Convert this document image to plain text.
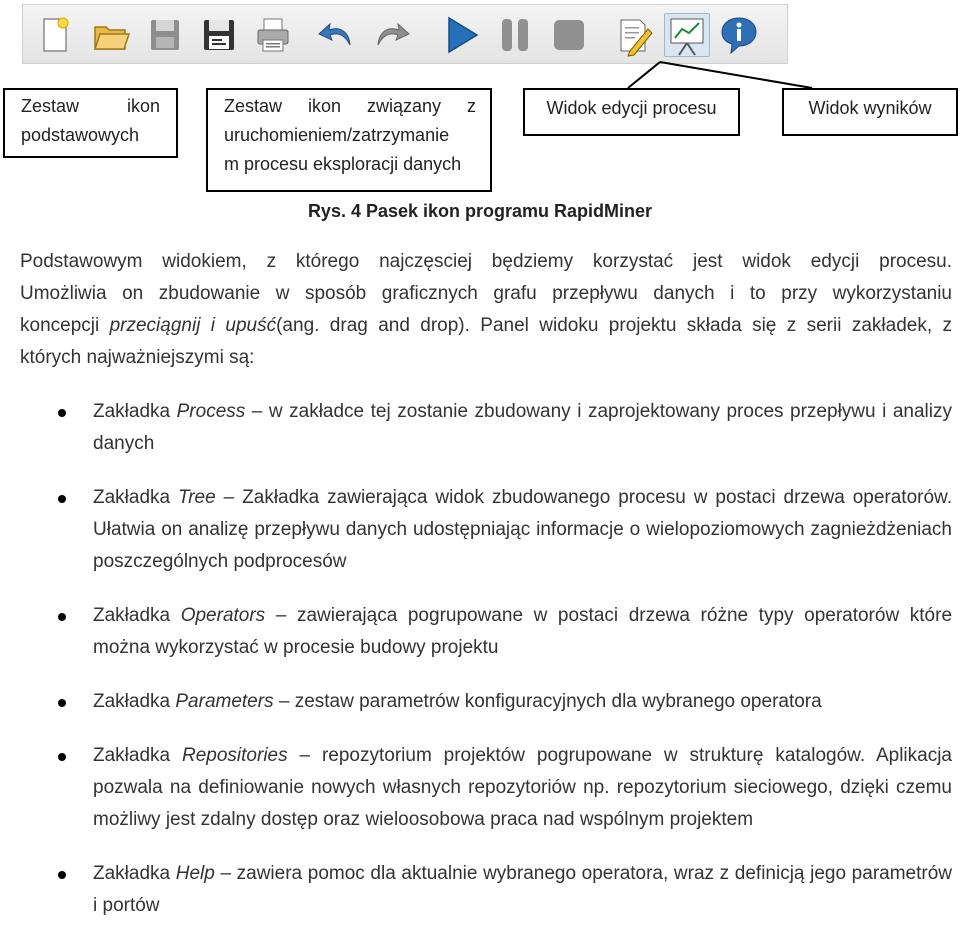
Zestaw	ikon
podstawowych
Zestaw ikon związany z
uruchomieniem/zatrzymanie
m procesu eksploracji danych
Widok edycji procesu	Widok wyników
Rys. 4 Pasek ikon programu RapidMiner

Podstawowym widokiem, z którego najczęsciej będziemy korzystać jest widok edycji procesu.

Umożliwia on zbudowanie w sposób graficznych grafu przepływu danych i to przy wykorzystaniu

koncepcji przeciągnij i upuść(ang. drag and drop). Panel widoku projektu składa się z serii zakładek, z

których najważniejszymi są:

Zakładka Process – w zakładce tej zostanie zbudowany i zaprojektowany proces przepływu i analizy danych
Zakładka Tree – Zakładka zawierająca widok zbudowanego procesu w postaci drzewa operatorów. Ułatwia on analizę przepływu danych udostępniając informacje o wielopoziomowych zagnieżdżeniach poszczególnych podprocesów
Zakładka Operators – zawierająca pogrupowane w postaci drzewa różne typy operatorów które można wykorzystać w procesie budowy projektu
Zakładka Parameters – zestaw parametrów konfiguracyjnych dla wybranego operatora
Zakładka Repositories – repozytorium projektów pogrupowane w strukturę katalogów. Aplikacja pozwala na definiowanie nowych własnych repozytoriów np. repozytorium sieciowego, dzięki czemu możliwy jest zdalny dostęp oraz wieloosobowa praca nad wspólnym projektem
Zakładka Help – zawiera pomoc dla aktualnie wybranego operatora, wraz z definicją jego parametrów i portów
